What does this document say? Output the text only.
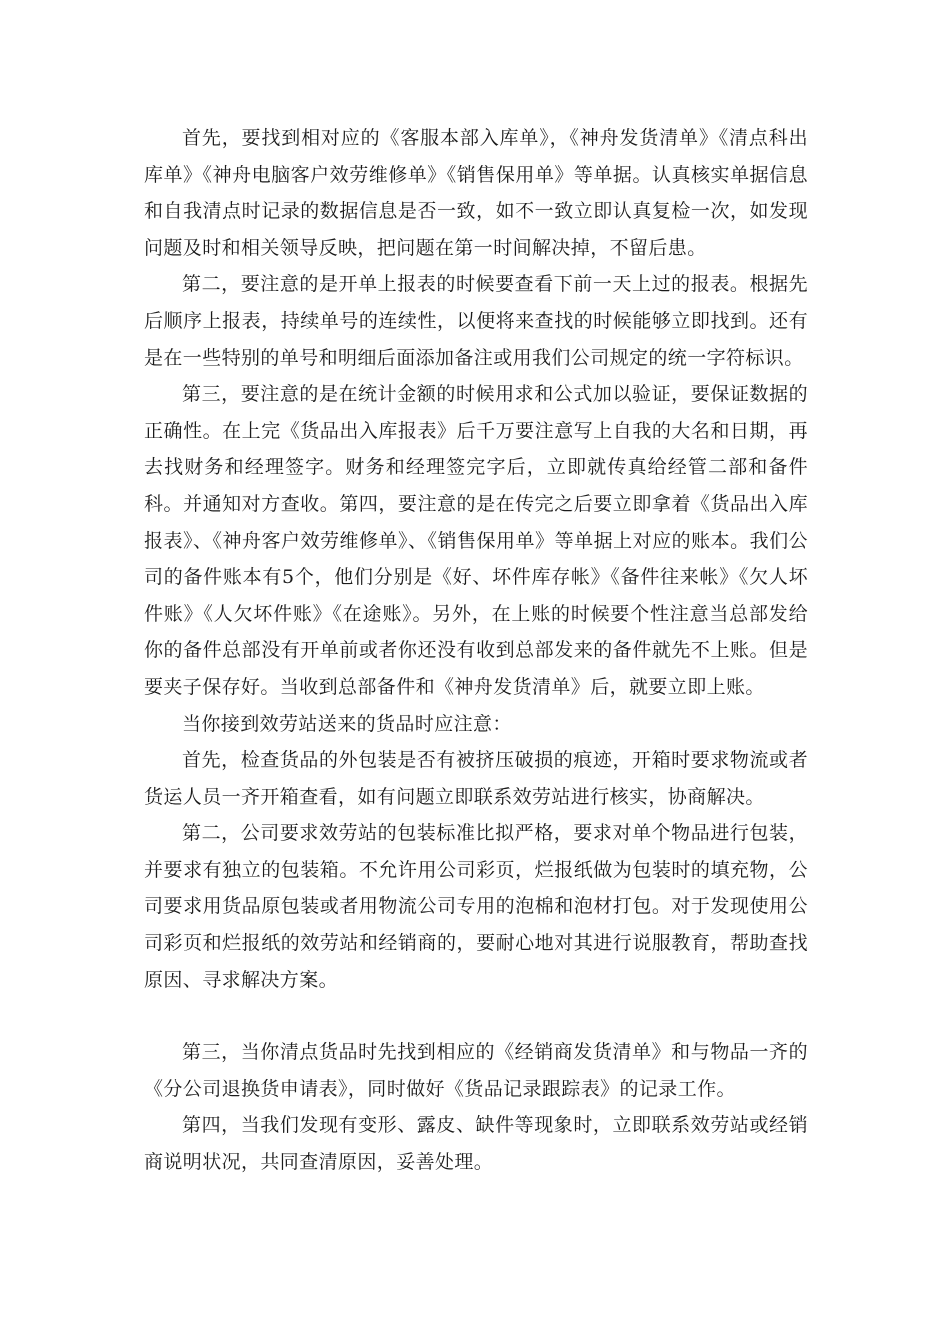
首先，要找到相对应的《客服本部入库单》，《神舟发货清单》《清点科出库单》《神舟电脑客户效劳维修单》《销售保用单》等单据。认真核实单据信息和自我清点时记录的数据信息是否一致，如不一致立即认真复检一次，如发现问题及时和相关领导反映，把问题在第一时间解决掉，不留后患。

第二，要注意的是开单上报表的时候要查看下前一天上过的报表。根据先后顺序上报表，持续单号的连续性，以便将来查找的时候能够立即找到。还有是在一些特别的单号和明细后面添加备注或用我们公司规定的统一字符标识。

第三，要注意的是在统计金额的时候用求和公式加以验证，要保证数据的正确性。在上完《货品出入库报表》后千万要注意写上自我的大名和日期，再去找财务和经理签字。财务和经理签完字后，立即就传真给经管二部和备件科。并通知对方查收。第四，要注意的是在传完之后要立即拿着《货品出入库报表》、《神舟客户效劳维修单》、《销售保用单》等单据上对应的账本。我们公司的备件账本有5个，他们分别是《好、坏件库存帐》《备件往来帐》《欠人坏件账》《人欠坏件账》《在途账》。另外，在上账的时候要个性注意当总部发给你的备件总部没有开单前或者你还没有收到总部发来的备件就先不上账。但是要夹子保存好。当收到总部备件和《神舟发货清单》后，就要立即上账。

当你接到效劳站送来的货品时应注意：

首先，检查货品的外包装是否有被挤压破损的痕迹，开箱时要求物流或者货运人员一齐开箱查看，如有问题立即联系效劳站进行核实，协商解决。

第二，公司要求效劳站的包装标准比拟严格，要求对单个物品进行包装，并要求有独立的包装箱。不允许用公司彩页，烂报纸做为包装时的填充物，公司要求用货品原包装或者用物流公司专用的泡棉和泡材打包。对于发现使用公司彩页和烂报纸的效劳站和经销商的，要耐心地对其进行说服教育，帮助查找原因、寻求解决方案。

第三，当你清点货品时先找到相应的《经销商发货清单》和与物品一齐的《分公司退换货申请表》，同时做好《货品记录跟踪表》的记录工作。

第四，当我们发现有变形、露皮、缺件等现象时，立即联系效劳站或经销商说明状况，共同查清原因，妥善处理。
